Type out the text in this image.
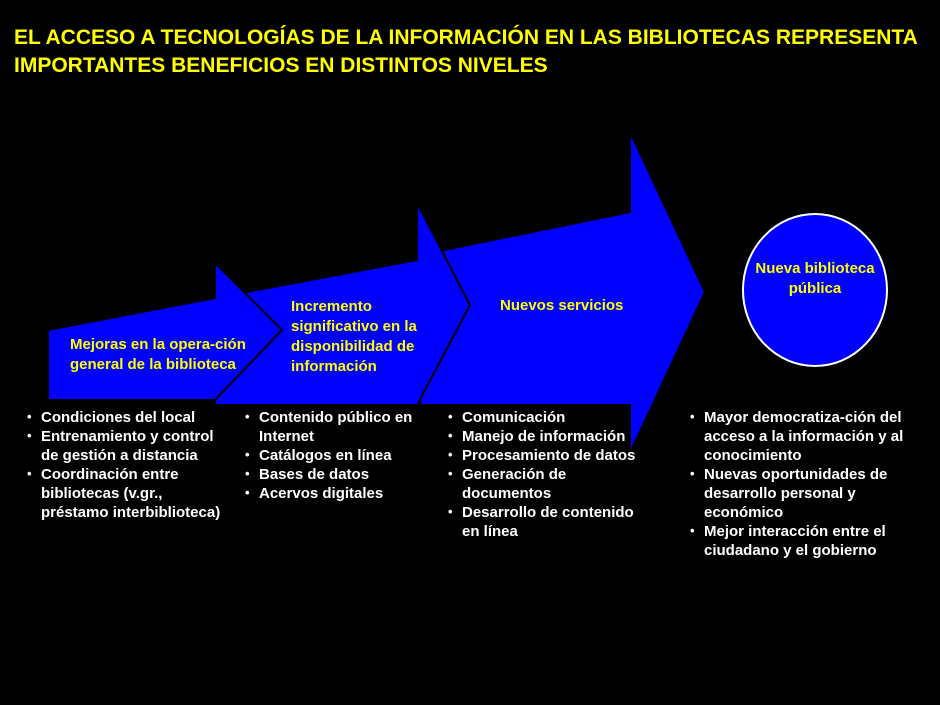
EL ACCESO A TECNOLOGÍAS DE LA INFORMACIÓN EN LAS BIBLIOTECAS REPRESENTA IMPORTANTES BENEFICIOS EN DISTINTOS NIVELES
Mejoras en la opera-ción general de la biblioteca
Incremento significativo en la disponibilidad de información
Nuevos servicios
Nueva biblioteca pública
• Condiciones del local
• Entrenamiento y control de gestión a distancia
• Coordinación entre bibliotecas (v.gr., préstamo interbiblioteca)
• Contenido público en Internet
• Catálogos en línea
• Bases de datos
• Acervos digitales
• Comunicación
• Manejo de información
• Procesamiento de datos
• Generación de documentos
• Desarrollo de contenido en línea
• Mayor democratiza-ción del acceso a la información y al conocimiento
• Nuevas oportunidades de desarrollo personal y económico
• Mejor interacción entre el ciudadano y el gobierno
